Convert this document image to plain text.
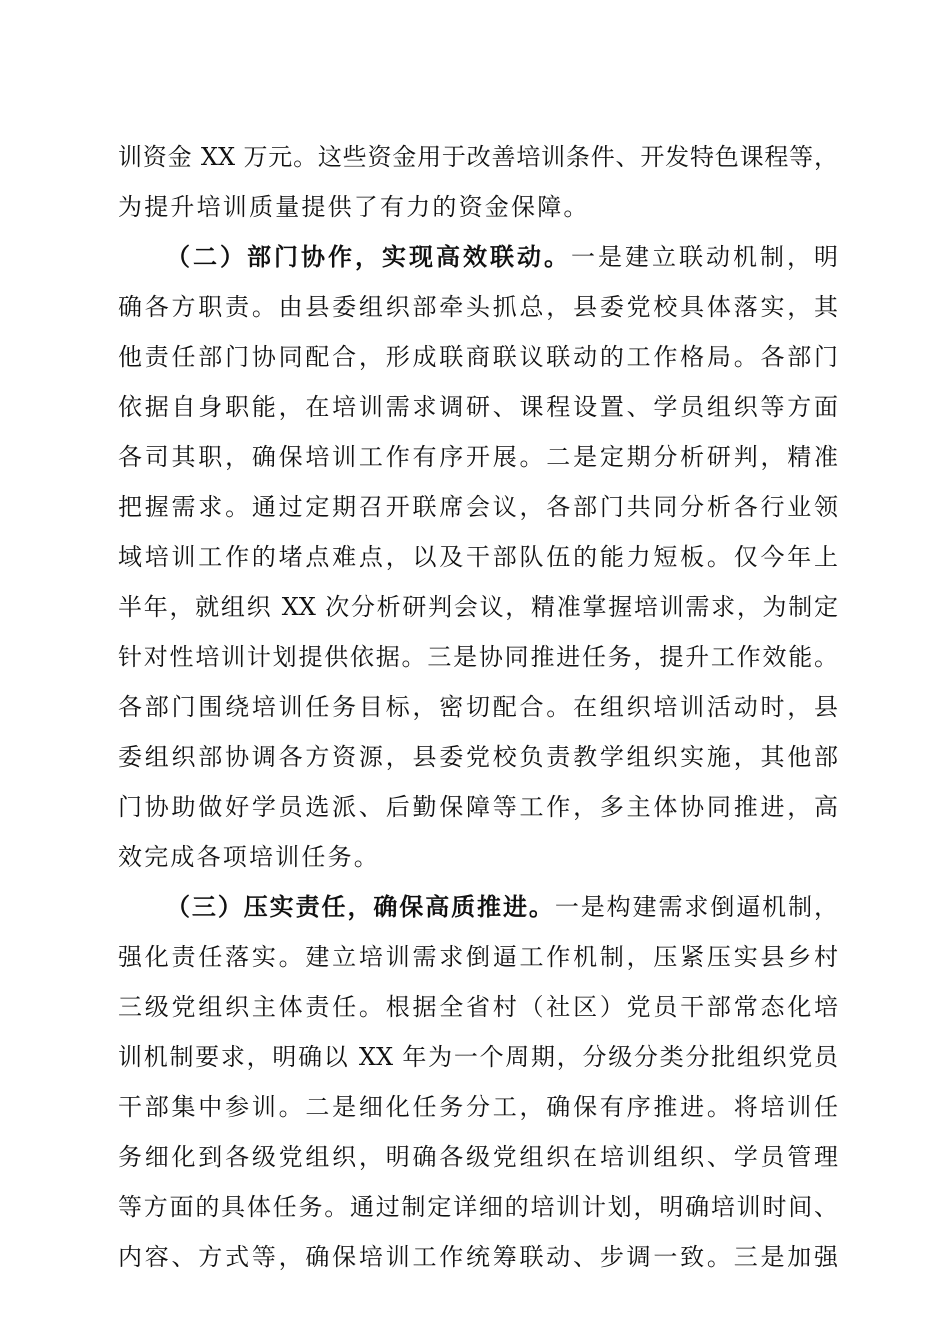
训资金 XX 万元。这些资金用于改善培训条件、开发特色课程等，
为提升培训质量提供了有力的资金保障。
（二）部门协作，实现高效联动。一是建立联动机制，明
确各方职责。由县委组织部牵头抓总，县委党校具体落实，其
他责任部门协同配合，形成联商联议联动的工作格局。各部门
依据自身职能，在培训需求调研、课程设置、学员组织等方面
各司其职，确保培训工作有序开展。二是定期分析研判，精准
把握需求。通过定期召开联席会议，各部门共同分析各行业领
域培训工作的堵点难点，以及干部队伍的能力短板。仅今年上
半年，就组织 XX 次分析研判会议，精准掌握培训需求，为制定
针对性培训计划提供依据。三是协同推进任务，提升工作效能。
各部门围绕培训任务目标，密切配合。在组织培训活动时，县
委组织部协调各方资源，县委党校负责教学组织实施，其他部
门协助做好学员选派、后勤保障等工作，多主体协同推进，高
效完成各项培训任务。
（三）压实责任，确保高质推进。一是构建需求倒逼机制，
强化责任落实。建立培训需求倒逼工作机制，压紧压实县乡村
三级党组织主体责任。根据全省村（社区）党员干部常态化培
训机制要求，明确以 XX 年为一个周期，分级分类分批组织党员
干部集中参训。二是细化任务分工，确保有序推进。将培训任
务细化到各级党组织，明确各级党组织在培训组织、学员管理
等方面的具体任务。通过制定详细的培训计划，明确培训时间、
内容、方式等，确保培训工作统筹联动、步调一致。三是加强
